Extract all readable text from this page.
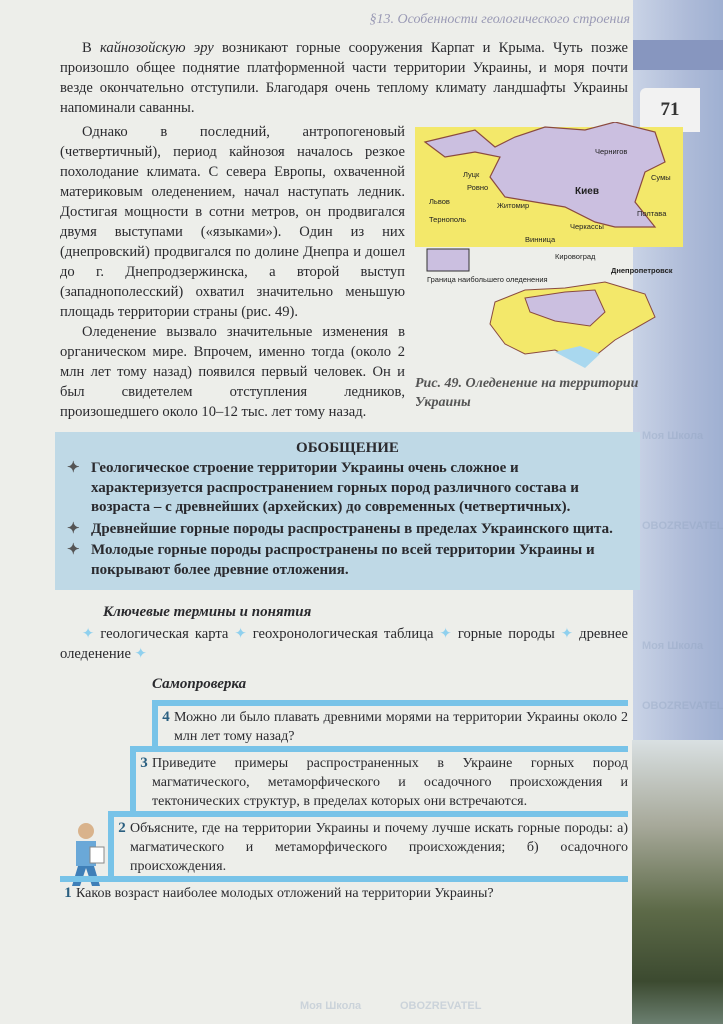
71
§13. Особенности геологического строения
В кайнозойскую эру возникают горные сооружения Карпат и Крыма. Чуть позже произошло общее поднятие платформенной части территории Украины, и моря почти везде окончательно отступили. Благодаря очень теплому климату ландшафты Украины напоминали саванны.
Однако в последний, антропогеновый (четвертичный), период кайнозоя началось резкое похолодание климата. С севера Европы, охваченной материковым оледенением, начал наступать ледник. Достигая мощности в сотни метров, он продвигался двумя выступами («языками»). Один из них (днепровский) продвигался по долине Днепра и дошел до г. Днепродзержинска, а второй выступ (западнополесский) охватил значительно меньшую площадь территории страны (рис. 49).
Оледенение вызвало значительные изменения в органическом мире. Впрочем, именно тогда (около 2 млн лет тому назад) появился первый человек. Он и был свидетелем отступления ледников, произошедшего около 10–12 тыс. лет тому назад.
Чернигов
Луцк
Ровно	Киев
Сумы
Львов	Житомир
Тернополь
Полтава
Черкассы
Винница
Кировоград
Днепропетровск
Граница наибольшего оледенения
Рис. 49. Оледенение на территории Украины
ОБОБЩЕНИЕ
✦ Геологическое строение территории Украины очень сложное и характеризуется распространением горных пород различного состава и возраста – с древнейших (архейских) до современных (четвертичных).
✦ Древнейшие горные породы распространены в пределах Украинского щита.
✦ Молодые горные породы распространены по всей территории Украины и покрывают более древние отложения.
Ключевые термины и понятия
✦ геологическая карта ✦ геохронологическая таблица ✦ горные породы ✦ древнее оледенение ✦
Самопроверка
4 Можно ли было плавать древними морями на территории Украины около 2 млн лет тому назад?
3 Приведите примеры распространенных в Украине горных пород магматического, метаморфического и осадочного происхождения и тектонических структур, в пределах которых они встречаются.
2 Объясните, где на территории Украины и почему лучше искать горные породы: а) магматического и метаморфического происхождения; б) осадочного происхождения.
1 Каков возраст наиболее молодых отложений на территории Украины?
Моя Школа
OBOZREVATEL
Моя Школа
OBOZREVATEL
Моя Школа	OBOZREVATEL
